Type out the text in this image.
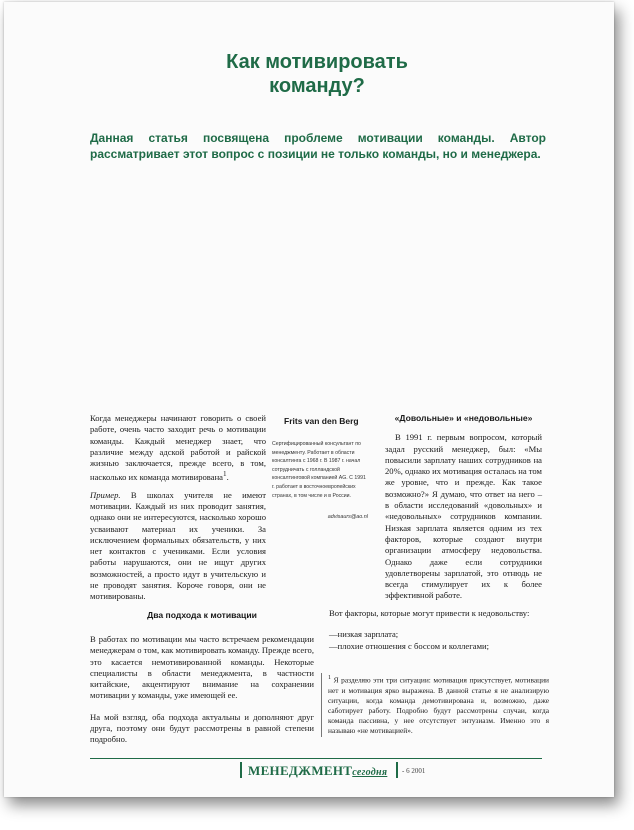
Как мотивировать
команду?
Данная статья посвящена проблеме мотивации команды. Автор рассматривает этот вопрос с позиции не только команды, но и менеджера.

Когда менеджеры начинают говорить о своей работе, очень часто заходит речь о мотивации команды. Каждый менеджер знает, что различие между адской работой и райской жизнью заключается, прежде всего, в том, насколько их команда мотивирована$^1$.

Пример. В школах учителя не имеют мотивации. Каждый из них проводит занятия, однако они не интересуются, насколько хорошо усваивают материал их ученики. За исключением формальных обязательств, у них нет контактов с учениками. Если условия работы нарушаются, они не ищут других возможностей, а просто идут в учительскую и не проводят занятия. Короче говоря, они не мотивированы.

Два подхода к мотивации

В работах по мотивации мы часто встречаем рекомендации менеджерам о том, как мотивировать команду. Прежде всего, это касается немотивированной команды. Некоторые специалисты в области менеджмента, в частности китайские, акцентируют внимание на сохранении мотивации у команды, уже имеющей ее.

На мой взгляд, оба подхода актуальны и дополняют друг друга, поэтому они будут рассмотрены в равной степени подробно.

Frits van den Berg
Сертифицированный консультант по менеджменту. Работает в области консалтинга с 1968 г. В 1987 г. начал сотрудничать с голландской консалтинговой компанией AG. С 1991 г. работает в восточноевропейских странах, в том числе и в России.
advisaurs@ao.nl
«Довольные» и «недовольные»

В 1991 г. первым вопросом, который задал русский менеджер, был: «Мы повысили зарплату наших сотрудников на 20%, однако их мотивация осталась на том же уровне, что и прежде. Как такое возможно?» Я думаю, что ответ на него – в области исследований «довольных» и «недовольных» сотрудников компании. Низкая зарплата является одним из тех факторов, которые создают внутри организации атмосферу недовольства. Однако даже если сотрудники удовлетворены зарплатой, это отнюдь не всегда стимулирует их к более эффективной работе.

Вот факторы, которые могут привести к недовольству:

—низкая зарплата;

—плохие отношения с боссом и коллегами;

$^1$ Я разделяю эти три ситуации: мотивация присутствует, мотивации нет и мотивация ярко выражена. В данной статье я не анализирую ситуации, когда команда демотивирована и, возможно, даже саботирует работу. Подробно будут рассмотрены случаи, когда команда пассивна, у нее отсутствует энтузиазм. Именно это я называю «не мотивацией».

МЕНЕДЖМЕНТсегодня - 6 2001
